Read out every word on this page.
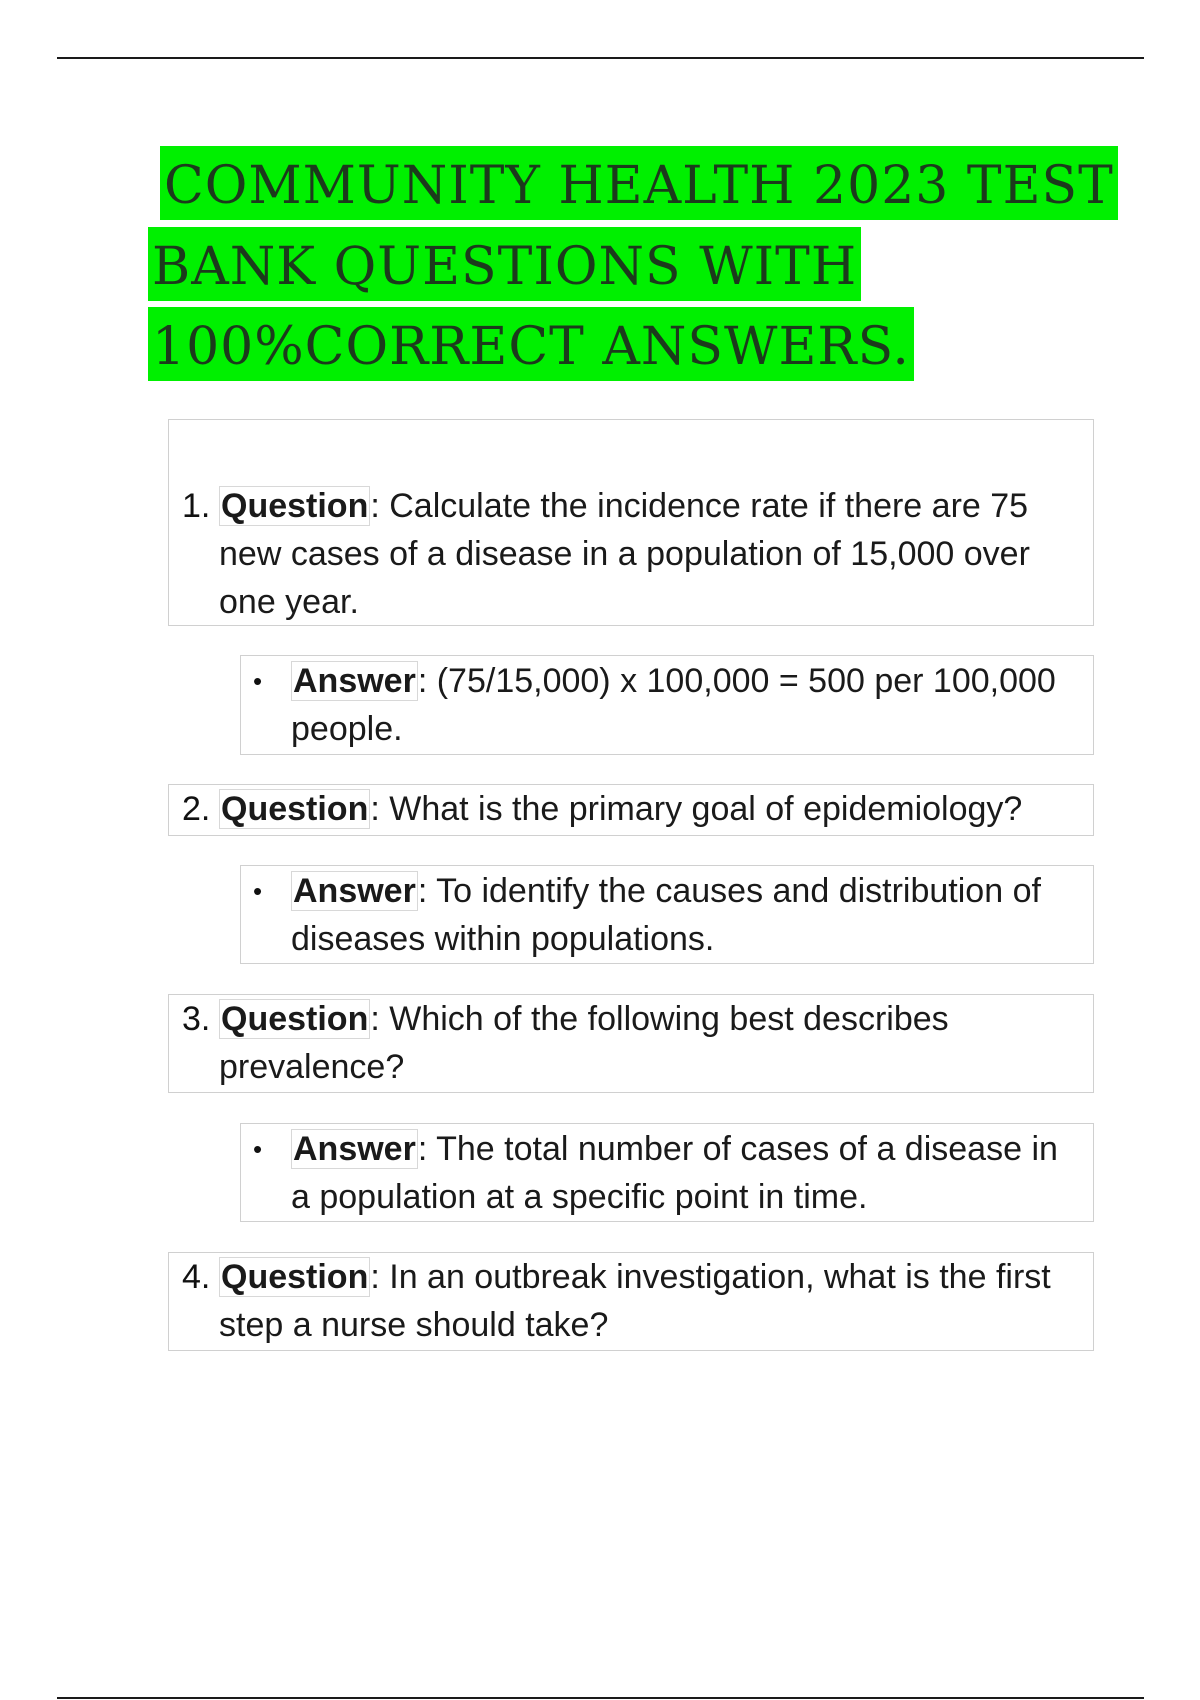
COMMUNITY HEALTH 2023 TEST
BANK QUESTIONS WITH
100%CORRECT ANSWERS.
1. Question: Calculate the incidence rate if there are 75 new cases of a disease in a population of 15,000 over one year.
• Answer: (75/15,000) x 100,000 = 500 per 100,000 people.
2. Question: What is the primary goal of epidemiology?
• Answer: To identify the causes and distribution of diseases within populations.
3. Question: Which of the following best describes prevalence?
• Answer: The total number of cases of a disease in a population at a specific point in time.
4. Question: In an outbreak investigation, what is the first step a nurse should take?
